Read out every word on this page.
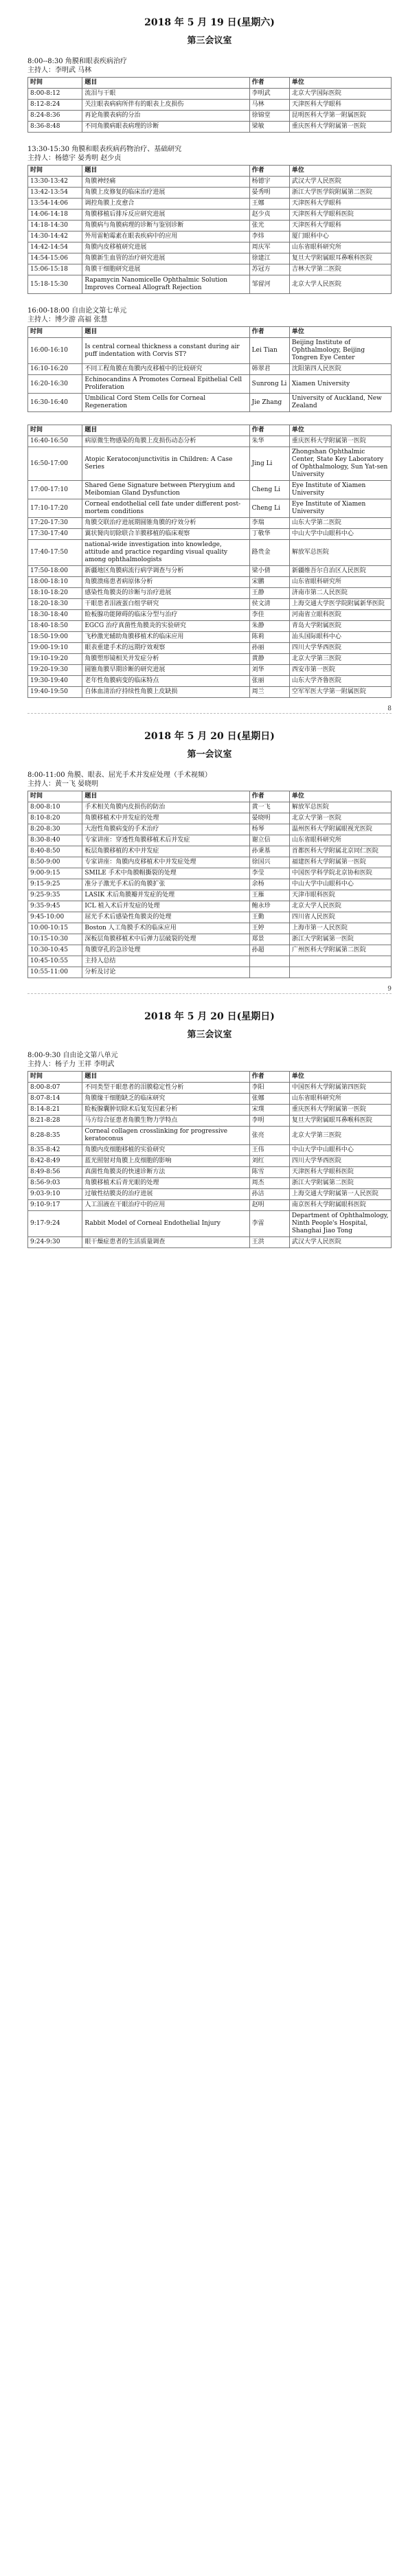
2018 年 5 月 19 日(星期六)
第三会议室
8:00--8:30 角膜和眼表疾病治疗
主持人：李明武 马林
时间	题目	作者	单位
8:00-8:12	流泪与干眼	李明武	北京大学国际医院
8:12-8:24	关注眼表病病所伴有的眼表上皮损伤	马林	天津医科大学眼科
8:24-8:36	再论角膜表病的分治	徐锦堂	昆明医科大学第一附属医院
8:36-8:48	不同角膜病眼表病理的诊断	梁敏	重庆医科大学附属第一医院
13:30-15:30 角膜和眼表疾病药物治疗、基础研究
主持人：杨德宇 晏秀明 赵少贞
时间	题目	作者	单位
13:30-13:42	角膜神经痛	杨德宇	武汉大学人民医院
13:42-13:54	角膜上皮修复的临床治疗进展	晏秀明	浙江大学医学院附属第二医院
13:54-14:06	调控角膜上皮愈合	王娜	天津医科大学眼科
14:06-14:18	角膜移植后排斥反应研究进展	赵少贞	天津医科大学眼科医院
14:18-14:30	角膜病与角膜病理的诊断与鉴别诊断	张光	天津医科大学眼科
14:30-14:42	外用雷帕霉素在眼表疾病中的应用	李炜	厦门眼科中心
14:42-14:54	角膜内皮移植研究进展	周庆军	山东省眼科研究所
14:54-15:06	角膜新生血管的治疗研究进展	徐建江	复旦大学附属眼耳鼻喉科医院
15:06-15:18	角膜干细胞研究进展	苏冠方	吉林大学第二医院
15:18-15:30	Rapamycin Nanomicelle Ophthalmic Solution Improves Corneal Allograft Rejection	邹留河	北京大学人民医院
16:00-18:00 自由论文第七单元
主持人：博少游 高福 张慧
时间	题目	作者	单位
16:00-16:10	Is central corneal thickness a constant during air puff indentation with Corvis ST?	Lei Tian	Beijing Institute of Ophthalmology, Beijing Tongren Eye Center
16:10-16:20	不同工程角膜在角膜内皮移植中的比较研究	韩翠君	沈阳第四人民医院
16:20-16:30	Echinocandins A Promotes Corneal Epithelial Cell Proliferation	Sunrong Li	Xiamen University
16:30-16:40	Umbilical Cord Stem Cells for Corneal Regeneration	Jie Zhang	University of Auckland, New Zealand
时间	题目	作者	单位
16:40-16:50	病原微生物感染的角膜上皮损伤动态分析	朱华	重庆医科大学附属第一医院
16:50-17:00	Atopic Keratoconjunctivitis in Children: A Case Series	Jing Li	Zhongshan Ophthalmic Center, State Key Laboratory of Ophthalmology, Sun Yat-sen University
17:00-17:10	Shared Gene Signature between Pterygium and Meibomian Gland Dysfunction	Cheng Li	Eye Institute of Xiamen University
17:10-17:20	Corneal endothelial cell fate under different post-mortem conditions	Cheng Li	Eye Institute of Xiamen University
17:20-17:30	角膜交联治疗进展期圆锥角膜的疗效分析	李瑞	山东大学第二医院
17:30-17:40	翼状胬肉切除联合羊膜移植的临床观察	丁敬华	中山大学中山眼科中心
17:40-17:50	national-wide investigation into knowledge, attitude and practice regarding visual quality among ophthalmologists	路贵金	解放军总医院
17:50-18:00	新疆地区角膜病流行病学调查与分析	梁小倩	新疆维吾尔自治区人民医院
18:00-18:10	角膜溃疡患者病原体分析	宋鹏	山东省眼科研究所
18:10-18:20	感染性角膜炎的诊断与治疗进展	王静	济南市第二人民医院
18:20-18:30	干眼患者泪液蛋白组学研究	侯文清	上海交通大学医学院附属新华医院
18:30-18:40	睑板腺功能障碍的临床分型与治疗	李佳	河南省立眼科医院
18:40-18:50	EGCG 治疗真菌性角膜炎的实验研究	朱静	青岛大学附属医院
18:50-19:00	飞秒激光辅助角膜移植术的临床应用	陈莉	汕头国际眼科中心
19:00-19:10	眼表重建手术的远期疗效观察	孙丽	四川大学华西医院
19:10-19:20	角膜塑形镜相关并发症分析	黄静	北京大学第三医院
19:20-19:30	圆锥角膜早期诊断的研究进展	刘华	西安市第一医院
19:30-19:40	老年性角膜病变的临床特点	张丽	山东大学齐鲁医院
19:40-19:50	自体血清治疗持续性角膜上皮缺损	周兰	空军军医大学第一附属医院
8
2018 年 5 月 20 日(星期日)
第一会议室
8:00-11:00 角膜、眼表、屈光手术并发症处理（手术视频）
主持人：黄一飞 晏晓明
时间	题目	作者	单位
8:00-8:10	手术相关角膜内皮损伤的防治	黄一飞	解放军总医院
8:10-8:20	角膜移植术中并发症的处理	晏晓明	北京大学第一医院
8:20-8:30	大泡性角膜病变的手术治疗	杨琴	温州医科大学附属眼视光医院
8:30-8:40	专家讲座：穿透性角膜移植术后并发症	谢立信	山东省眼科研究所
8:40-8:50	板层角膜移植的术中并发症	孙秉基	首都医科大学附属北京同仁医院
8:50-9:00	专家讲座：角膜内皮移植术中并发症处理	徐国兴	福建医科大学附属第一医院
9:00-9:15	SMILE 手术中角膜帽撕裂的处理	李莹	中国医学科学院北京协和医院
9:15-9:25	准分子激光手术后的角膜扩张	余杨	中山大学中山眼科中心
9:25-9:35	LASIK 术后角膜瓣并发症的处理	王雁	天津市眼科医院
9:35-9:45	ICL 植入术后并发症的处理	鲍永珍	北京大学人民医院
9:45-10:00	屈光手术后感染性角膜炎的处理	王勤	四川省人民医院
10:00-10:15	Boston 人工角膜手术的临床应用	王婷	上海市第一人民医院
10:15-10:30	深板层角膜移植术中后弹力层破裂的处理	郑景	浙江大学附属第一医院
10:30-10:45	角膜穿孔的急诊处理	孙超	广州医科大学附属第二医院
10:45-10:55	主持人总结		
10:55-11:00	分析及讨论		
9
2018 年 5 月 20 日(星期日)
第三会议室
8:00-9:30 自由论文第八单元
主持人：杨子力 王祥 李明武
时间	题目	作者	单位
8:00-8:07	不同类型干眼患者的泪膜稳定性分析	李阳	中国医科大学附属第四医院
8:07-8:14	角膜缘干细胞缺乏的临床研究	张娜	山东省眼科研究所
8:14-8:21	睑板腺囊肿切除术后复发因素分析	宋璞	重庆医科大学附属第一医院
8:21-8:28	马方综合征患者角膜生物力学特点	李明	复旦大学附属眼耳鼻喉科医院
8:28-8:35	Corneal collagen crosslinking for progressive keratoconus	张亮	北京大学第三医院
8:35-8:42	角膜内皮细胞移植的实验研究	王伟	中山大学中山眼科中心
8:42-8:49	蓝光照射对角膜上皮细胞的影响	刘红	四川大学华西医院
8:49-8:56	真菌性角膜炎的快速诊断方法	陈雪	天津医科大学眼科医院
8:56-9:03	角膜移植术后青光眼的处理	周杰	浙江大学附属第二医院
9:03-9:10	过敏性结膜炎的治疗进展	孙洁	上海交通大学附属第一人民医院
9:10-9:17	人工泪液在干眼治疗中的应用	赵明	南京医科大学附属眼科医院
9:17-9:24	Rabbit Model of Corneal Endothelial Injury	李雷	Department of Ophthalmology, Ninth People's Hospital, Shanghai Jiao Tong
9:24-9:30	眼干燥症患者的生活质量调查	王洪	武汉大学人民医院
